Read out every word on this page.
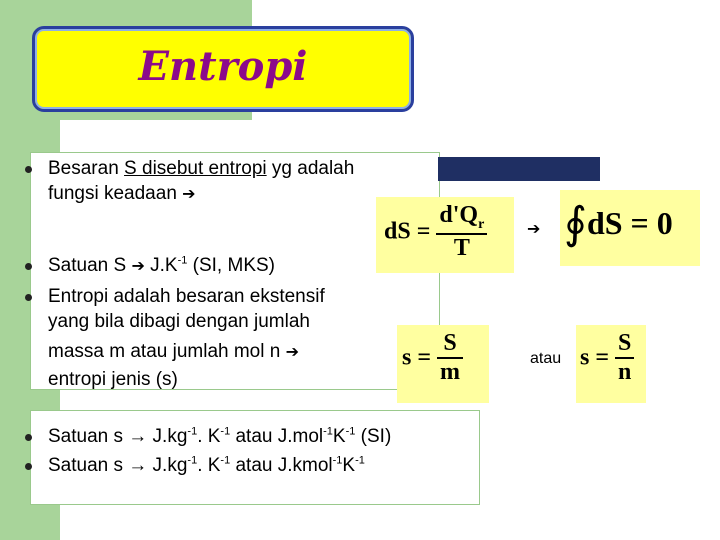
Entropi
Besaran S disebut entropi yg adalah
fungsi keadaan ➔
Satuan S ➔ $J.K^{-1}$ (SI, MKS)
Entropi adalah besaran ekstensif
yang bila dibagi dengan jumlah
massa m atau jumlah mol n ➔
entropi jenis (s)
Satuan $s \to J.kg^{-1}$. $K^{-1}$ atau $J.mol^{-1}K^{-1}$ (SI)
Satuan $s \to J.kg^{-1}$. $K^{-1}$ atau $J.kmol^{-1}K^{-1}$
dS = $\frac{d'Q_r}{T}$ ➔ ∮dS = 0
$s = \frac{S}{m}$	atau $s = \frac{S}{n}$
